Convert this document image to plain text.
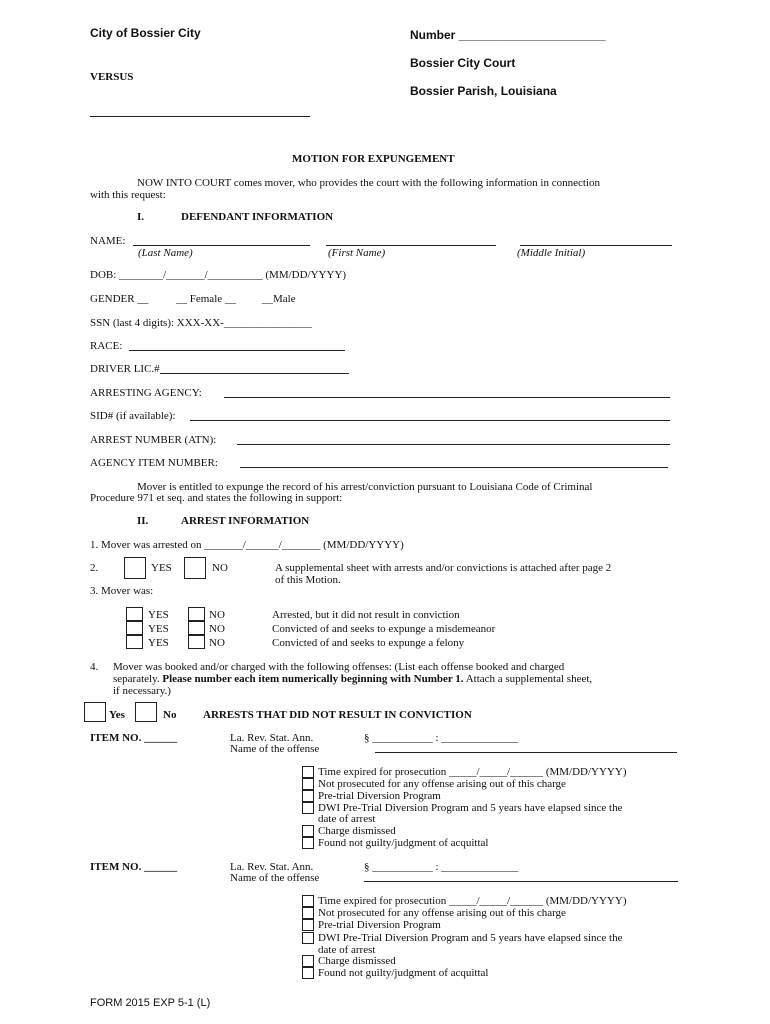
City of Bossier City	Number ______________________
VERSUS
Bossier City Court
Bossier Parish, Louisiana
MOTION FOR EXPUNGEMENT
NOW INTO COURT comes mover, who provides the court with the following information in connection
with this request:
I.	DEFENDANT INFORMATION
NAME:
(Last Name)	(First Name)	(Middle Initial)
DOB: ________/_______/__________ (MM/DD/YYYY)
GENDER __	__ Female __ __Male
SSN (last 4 digits): XXX-XX-________________
RACE:
DRIVER LIC.#
ARRESTING AGENCY:
SID# (if available):
ARREST NUMBER (ATN):
AGENCY ITEM NUMBER:
Mover is entitled to expunge the record of his arrest/conviction pursuant to Louisiana Code of Criminal
Procedure 971 et seq. and states the following in support:
II.	ARREST INFORMATION
1. Mover was arrested on _______/______/_______ (MM/DD/YYYY)
2.	YES	NO	A supplemental sheet with arrests and/or convictions is attached after page 2
of this Motion.
3. Mover was:
YES	NO	Arrested, but it did not result in conviction
YES	NO	Convicted of and seeks to expunge a misdemeanor
YES	NO	Convicted of and seeks to expunge a felony
4. Mover was booked and/or charged with the following offenses: (List each offense booked and charged
separately. Please number each item numerically beginning with Number 1. Attach a supplemental sheet,
if necessary.)
Yes	No ARRESTS THAT DID NOT RESULT IN CONVICTION
ITEM NO. ______	La. Rev. Stat. Ann.	§ ___________ : ______________
Name of the offense
Time expired for prosecution _____/_____/______ (MM/DD/YYYY)
Not prosecuted for any offense arising out of this charge
Pre-trial Diversion Program
DWI Pre-Trial Diversion Program and 5 years have elapsed since the
date of arrest
Charge dismissed
Found not guilty/judgment of acquittal
ITEM NO. ______	La. Rev. Stat. Ann.	§ ___________ : ______________
Name of the offense
Time expired for prosecution _____/_____/______ (MM/DD/YYYY)
Not prosecuted for any offense arising out of this charge
Pre-trial Diversion Program
DWI Pre-Trial Diversion Program and 5 years have elapsed since the
date of arrest
Charge dismissed
Found not guilty/judgment of acquittal
FORM 2015 EXP 5-1 (L)
